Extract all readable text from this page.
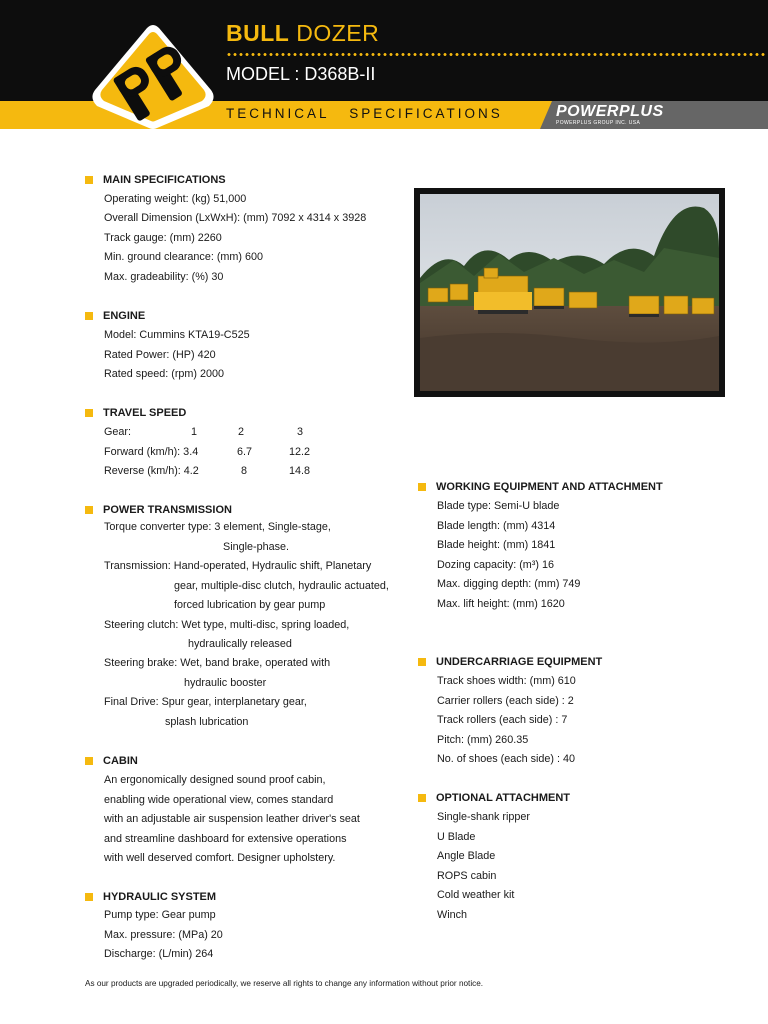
BULL DOZER
MODEL : D368B-II
TECHNICAL   SPECIFICATIONS	POWERPLUS
POWERPLUS GROUP INC. USA
MAIN SPECIFICATIONS
Operating weight: (kg) 51,000
Overall Dimension (LxWxH): (mm) 7092 x 4314 x 3928
Track gauge: (mm) 2260
Min. ground clearance: (mm) 600
Max. gradeability: (%) 30
ENGINE
Model: Cummins KTA19-C525
Rated Power: (HP) 420
Rated speed: (rpm) 2000
TRAVEL SPEED
Gear:	1	2	3
Forward (km/h): 3.4	6.7	12.2
Reverse (km/h): 4.2	8	14.8
POWER TRANSMISSION
Torque converter type: 3 element, Single-stage,
Single-phase.
Transmission: Hand-operated, Hydraulic shift, Planetary
gear, multiple-disc clutch, hydraulic actuated,
forced lubrication by gear pump
Steering clutch: Wet type, multi-disc, spring loaded,
hydraulically released
Steering brake: Wet, band brake, operated with
hydraulic booster
Final Drive: Spur gear, interplanetary gear,
splash lubrication
CABIN
An ergonomically designed sound proof cabin,
enabling wide operational view, comes standard
with an adjustable air suspension leather driver's seat
and streamline dashboard for extensive operations
with well deserved comfort. Designer upholstery.
HYDRAULIC SYSTEM
Pump type: Gear pump
Max. pressure: (MPa) 20
Discharge: (L/min) 264
WORKING EQUIPMENT AND ATTACHMENT
Blade type: Semi-U blade
Blade length: (mm) 4314
Blade height: (mm) 1841
Dozing capacity: (m³) 16
Max. digging depth: (mm) 749
Max. lift height: (mm) 1620
UNDERCARRIAGE EQUIPMENT
Track shoes width: (mm) 610
Carrier rollers (each side) : 2
Track rollers (each side) : 7
Pitch: (mm) 260.35
No. of shoes (each side) : 40
OPTIONAL ATTACHMENT
Single-shank ripper
U Blade
Angle Blade
ROPS cabin
Cold weather kit
Winch
As our products are upgraded periodically, we reserve all rights to change any information without prior notice.
